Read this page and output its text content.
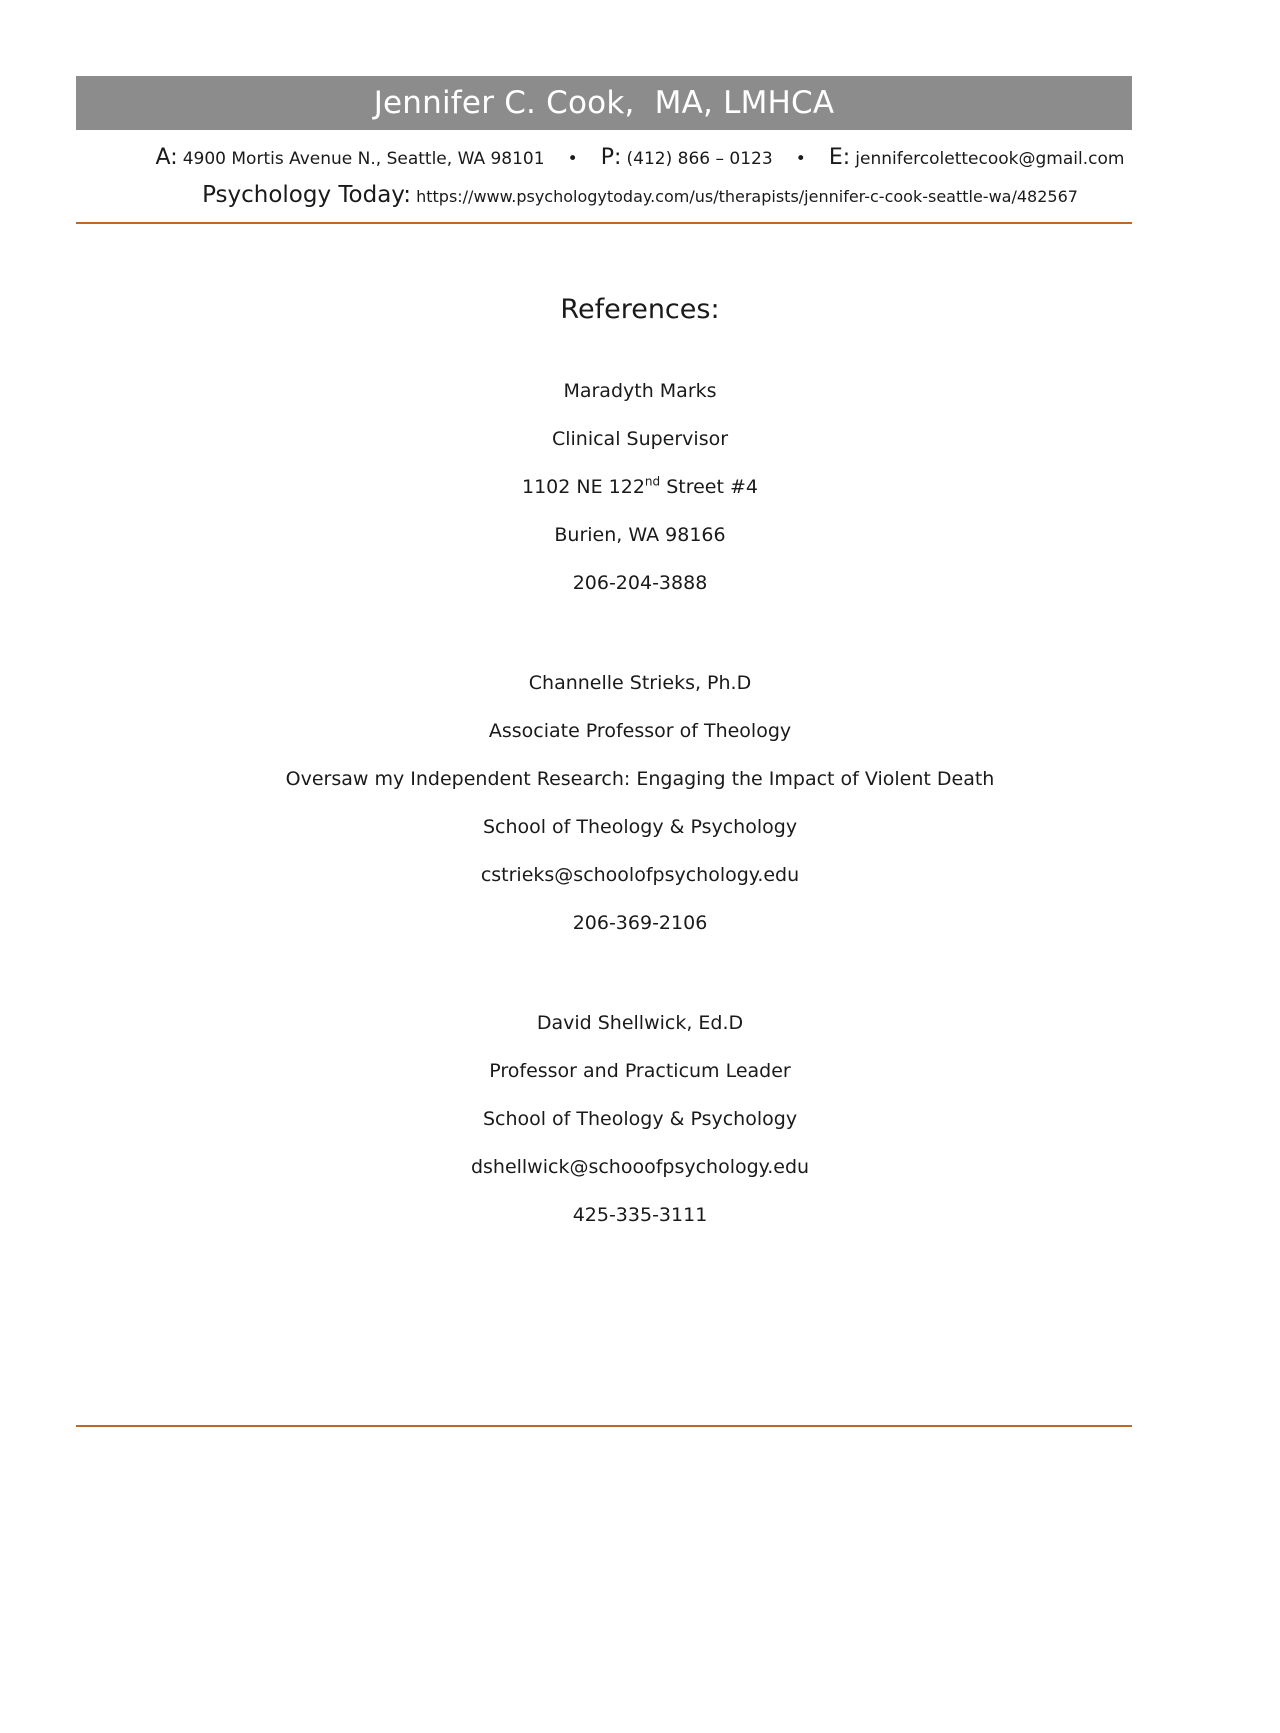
Jennifer C. Cook,  MA, LMHCA
A: 4900 Mortis Avenue N., Seattle, WA 98101 • P: (412) 866 – 0123 • E: jennifercolettecook@gmail.com
Psychology Today: https://www.psychologytoday.com/us/therapists/jennifer-c-cook-seattle-wa/482567
References:
Maradyth Marks
Clinical Supervisor
1102 NE 122nd Street #4
Burien, WA 98166
206-204-3888
Channelle Strieks, Ph.D
Associate Professor of Theology
Oversaw my Independent Research: Engaging the Impact of Violent Death
School of Theology & Psychology
cstrieks@schoolofpsychology.edu
206-369-2106
David Shellwick, Ed.D
Professor and Practicum Leader
School of Theology & Psychology
dshellwick@schooofpsychology.edu
425-335-3111
